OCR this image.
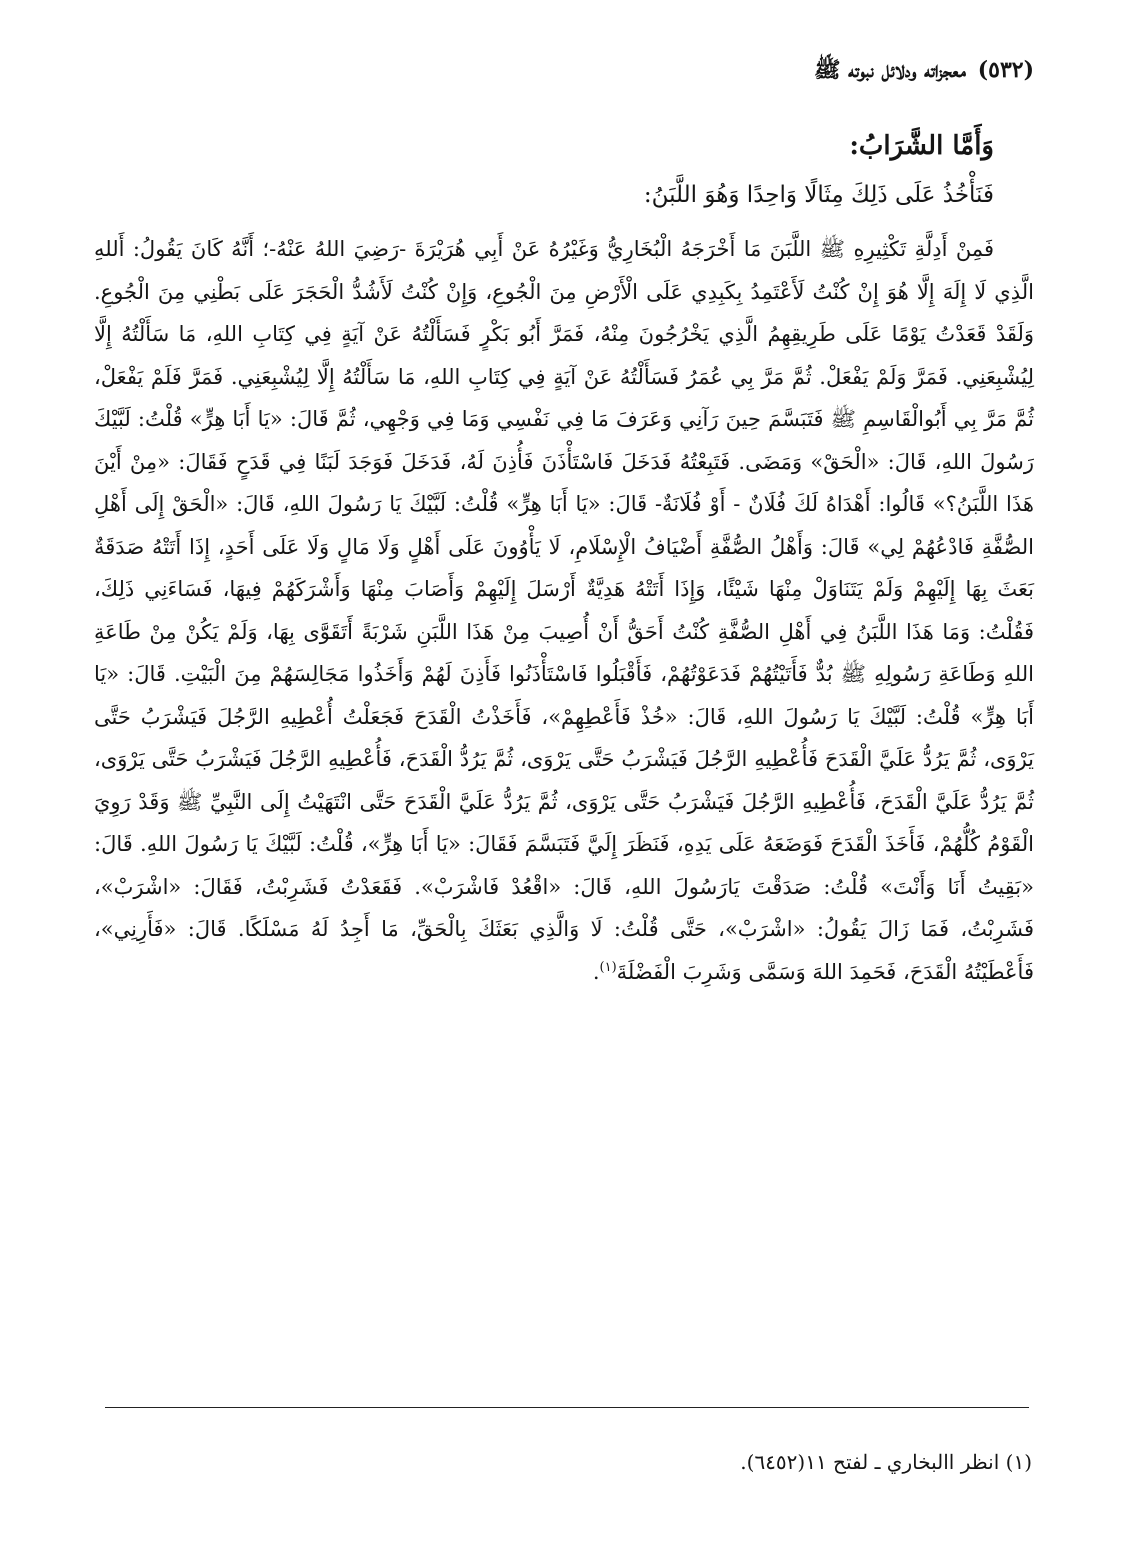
(٥٣٢) معجزاته ودلائل نبوته ﷺ
وَأَمَّا الشَّرَابُ:
فَنَأْخُذُ عَلَى ذَلِكَ مِثَالًا وَاحِدًا وَهُوَ اللَّبَنُ:
فَمِنْ أَدِلَّةِ تَكْثِيرِهِ ﷺ اللَّبَنَ مَا أَخْرَجَهُ الْبُخَارِيُّ وَغَيْرُهُ عَنْ أَبِي هُرَيْرَةَ -رَضِيَ اللهُ عَنْهُ-؛ أَنَّهُ كَانَ يَقُولُ: أَللهِ الَّذِي لَا إِلَهَ إِلَّا هُوَ إِنْ كُنْتُ لَأَعْتَمِدُ بِكَبِدِي عَلَى الْأَرْضِ مِنَ الْجُوعِ، وَإِنْ كُنْتُ لَأَشُدُّ الْحَجَرَ عَلَى بَطْنِي مِنَ الْجُوعِ. وَلَقَدْ قَعَدْتُ يَوْمًا عَلَى طَرِيقِهِمُ الَّذِي يَخْرُجُونَ مِنْهُ، فَمَرَّ أَبُو بَكْرٍ فَسَأَلْتُهُ عَنْ آيَةٍ فِي كِتَابِ اللهِ، مَا سَأَلْتُهُ إِلَّا لِيُشْبِعَنِي. فَمَرَّ وَلَمْ يَفْعَلْ. ثُمَّ مَرَّ بِي عُمَرُ فَسَأَلْتُهُ عَنْ آيَةٍ فِي كِتَابِ اللهِ، مَا سَأَلْتُهُ إِلَّا لِيُشْبِعَنِي. فَمَرَّ فَلَمْ يَفْعَلْ، ثُمَّ مَرَّ بِي أَبُوالْقَاسِمِ ﷺ فَتَبَسَّمَ حِينَ رَآنِي وَعَرَفَ مَا فِي نَفْسِي وَمَا فِي وَجْهِي، ثُمَّ قَالَ: «يَا أَبَا هِرٍّ» قُلْتُ: لَبَّيْكَ رَسُولَ اللهِ، قَالَ: «الْحَقْ» وَمَضَى. فَتَبِعْتُهُ فَدَخَلَ فَاسْتَأْذَنَ فَأُذِنَ لَهُ، فَدَخَلَ فَوَجَدَ لَبَنًا فِي قَدَحٍ فَقَالَ: «مِنْ أَيْنَ هَذَا اللَّبَنُ؟» قَالُوا: أَهْدَاهُ لَكَ فُلَانٌ - أَوْ فُلَانَةٌ- قَالَ: «يَا أَبَا هِرٍّ» قُلْتُ: لَبَّيْكَ يَا رَسُولَ اللهِ، قَالَ: «الْحَقْ إِلَى أَهْلِ الصُّفَّةِ فَادْعُهُمْ لِي» قَالَ: وَأَهْلُ الصُّفَّةِ أَضْيَافُ الْإِسْلَامِ، لَا يَأْوُونَ عَلَى أَهْلٍ وَلَا مَالٍ وَلَا عَلَى أَحَدٍ، إِذَا أَتَتْهُ صَدَقَةٌ بَعَثَ بِهَا إِلَيْهِمْ وَلَمْ يَتَنَاوَلْ مِنْهَا شَيْئًا، وَإِذَا أَتَتْهُ هَدِيَّةٌ أَرْسَلَ إِلَيْهِمْ وَأَصَابَ مِنْهَا وَأَشْرَكَهُمْ فِيهَا، فَسَاءَنِي ذَلِكَ، فَقُلْتُ: وَمَا هَذَا اللَّبَنُ فِي أَهْلِ الصُّفَّةِ كُنْتُ أَحَقُّ أَنْ أُصِيبَ مِنْ هَذَا اللَّبَنِ شَرْبَةً أَتَقَوَّى بِهَا، وَلَمْ يَكُنْ مِنْ طَاعَةِ اللهِ وَطَاعَةِ رَسُولِهِ ﷺ بُدٌّ فَأَتَيْتُهُمْ فَدَعَوْتُهُمْ، فَأَقْبَلُوا فَاسْتَأْذَنُوا فَأَذِنَ لَهُمْ وَأَخَذُوا مَجَالِسَهُمْ مِنَ الْبَيْتِ. قَالَ: «يَا أَبَا هِرٍّ» قُلْتُ: لَبَّيْكَ يَا رَسُولَ اللهِ، قَالَ: «خُذْ فَأَعْطِهِمْ»، فَأَخَذْتُ الْقَدَحَ فَجَعَلْتُ أُعْطِيهِ الرَّجُلَ فَيَشْرَبُ حَتَّى يَرْوَى، ثُمَّ يَرُدُّ عَلَيَّ الْقَدَحَ فَأُعْطِيهِ الرَّجُلَ فَيَشْرَبُ حَتَّى يَرْوَى، ثُمَّ يَرُدُّ الْقَدَحَ، فَأُعْطِيهِ الرَّجُلَ فَيَشْرَبُ حَتَّى يَرْوَى، ثُمَّ يَرُدُّ عَلَيَّ الْقَدَحَ، فَأُعْطِيهِ الرَّجُلَ فَيَشْرَبُ حَتَّى يَرْوَى، ثُمَّ يَرُدُّ عَلَيَّ الْقَدَحَ حَتَّى انْتَهَيْتُ إِلَى النَّبِيِّ ﷺ وَقَدْ رَوِيَ الْقَوْمُ كُلُّهُمْ، فَأَخَذَ الْقَدَحَ فَوَضَعَهُ عَلَى يَدِهِ، فَنَظَرَ إِلَيَّ فَتَبَسَّمَ فَقَالَ: «يَا أَبَا هِرٍّ»، قُلْتُ: لَبَّيْكَ يَا رَسُولَ اللهِ. قَالَ: «بَقِيتُ أَنَا وَأَنْتَ» قُلْتُ: صَدَقْتَ يَارَسُولَ اللهِ، قَالَ: «اقْعُدْ فَاشْرَبْ». فَقَعَدْتُ فَشَرِبْتُ، فَقَالَ: «اشْرَبْ»، فَشَرِبْتُ، فَمَا زَالَ يَقُولُ: «اشْرَبْ»، حَتَّى قُلْتُ: لَا وَالَّذِي بَعَثَكَ بِالْحَقِّ، مَا أَجِدُ لَهُ مَسْلَكًا. قَالَ: «فَأَرِنِي»، فَأَعْطَيْتُهُ الْقَدَحَ، فَحَمِدَ اللهَ وَسَمَّى وَشَرِبَ الْفَضْلَةَ$^{(١)}$.
(١) انظر االبخاري ـ لفتح ١١(٦٤٥٢).
